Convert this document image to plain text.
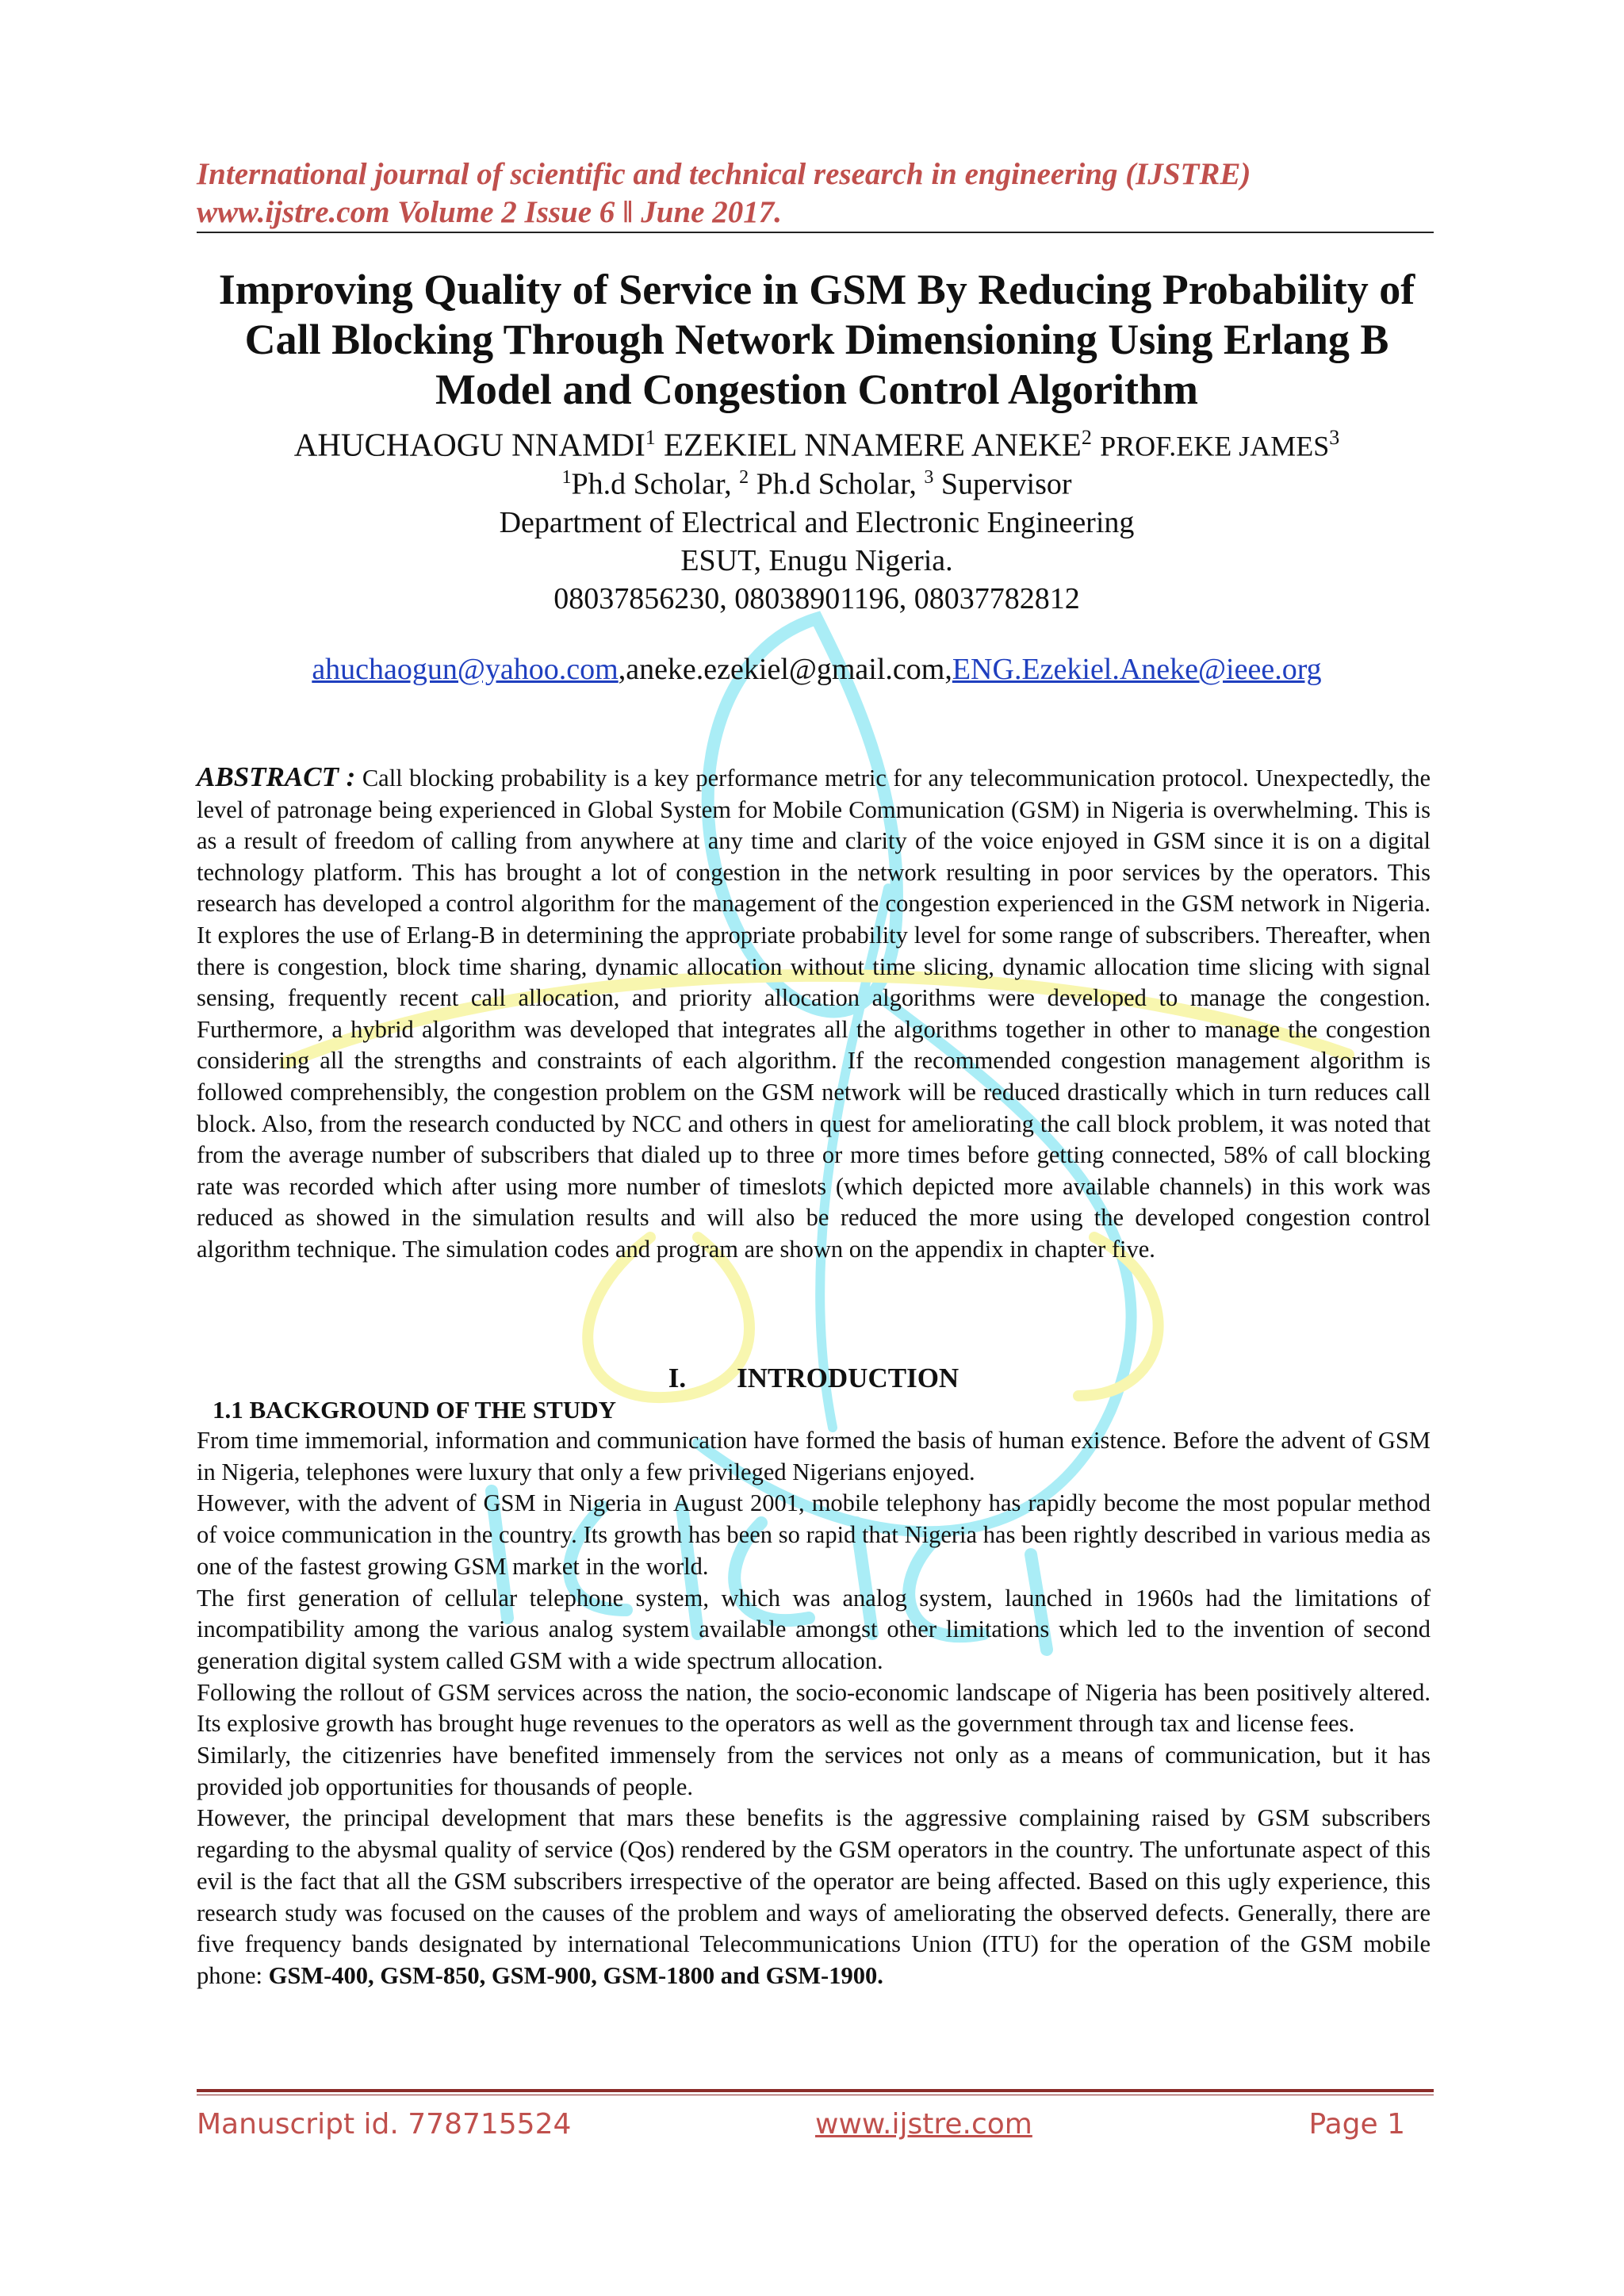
International journal of scientific and technical research in engineering (IJSTRE)
www.ijstre.com Volume 2 Issue 6 ǁ June 2017.
Improving Quality of Service in GSM By Reducing Probability of
Call Blocking Through Network Dimensioning Using Erlang B
Model and Congestion Control Algorithm
AHUCHAOGU NNAMDI$^1$ EZEKIEL NNAMERE ANEKE$^2$ PROF.EKE JAMES$^3$
$^1$Ph.d Scholar, $^2$ Ph.d Scholar, $^3$ Supervisor
Department of Electrical and Electronic Engineering
ESUT, Enugu Nigeria.
08037856230, 08038901196, 08037782812
ahuchaogun@yahoo.com,aneke.ezekiel@gmail.com,ENG.Ezekiel.Aneke@ieee.org
ABSTRACT : Call blocking probability is a key performance metric for any telecommunication protocol. Unexpectedly, the level of patronage being experienced in Global System for Mobile Communication (GSM) in Nigeria is overwhelming. This is as a result of freedom of calling from anywhere at any time and clarity of the voice enjoyed in GSM since it is on a digital technology platform. This has brought a lot of congestion in the network resulting in poor services by the operators. This research has developed a control algorithm for the management of the congestion experienced in the GSM network in Nigeria. It explores the use of Erlang-B in determining the appropriate probability level for some range of subscribers. Thereafter, when there is congestion, block time sharing, dynamic allocation without time slicing, dynamic allocation time slicing with signal sensing, frequently recent call allocation, and priority allocation algorithms were developed to manage the congestion. Furthermore, a hybrid algorithm was developed that integrates all the algorithms together in other to manage the congestion considering all the strengths and constraints of each algorithm. If the recommended congestion management algorithm is followed comprehensibly, the congestion problem on the GSM network will be reduced drastically which in turn reduces call block. Also, from the research conducted by NCC and others in quest for ameliorating the call block problem, it was noted that from the average number of subscribers that dialed up to three or more times before getting connected, 58% of call blocking rate was recorded which after using more number of timeslots (which depicted more available channels) in this work was reduced as showed in the simulation results and will also be reduced the more using the developed congestion control algorithm technique. The simulation codes and program are shown on the appendix in chapter five.
I. INTRODUCTION
1.1 BACKGROUND OF THE STUDY

From time immemorial, information and communication have formed the basis of human existence. Before the advent of GSM in Nigeria, telephones were luxury that only a few privileged Nigerians enjoyed.

However, with the advent of GSM in Nigeria in August 2001, mobile telephony has rapidly become the most popular method of voice communication in the country. Its growth has been so rapid that Nigeria has been rightly described in various media as one of the fastest growing GSM market in the world.

The first generation of cellular telephone system, which was analog system, launched in 1960s had the limitations of incompatibility among the various analog system available amongst other limitations which led to the invention of second generation digital system called GSM with a wide spectrum allocation.

Following the rollout of GSM services across the nation, the socio-economic landscape of Nigeria has been positively altered. Its explosive growth has brought huge revenues to the operators as well as the government through tax and license fees.

Similarly, the citizenries have benefited immensely from the services not only as a means of communication, but it has provided job opportunities for thousands of people.

However, the principal development that mars these benefits is the aggressive complaining raised by GSM subscribers regarding to the abysmal quality of service (Qos) rendered by the GSM operators in the country. The unfortunate aspect of this evil is the fact that all the GSM subscribers irrespective of the operator are being affected. Based on this ugly experience, this research study was focused on the causes of the problem and ways of ameliorating the observed defects. Generally, there are five frequency bands designated by international Telecommunications Union (ITU) for the operation of the GSM mobile phone: GSM-400, GSM-850, GSM-900, GSM-1800 and GSM-1900.

Manuscript id. 778715524	www.ijstre.com	Page 1
